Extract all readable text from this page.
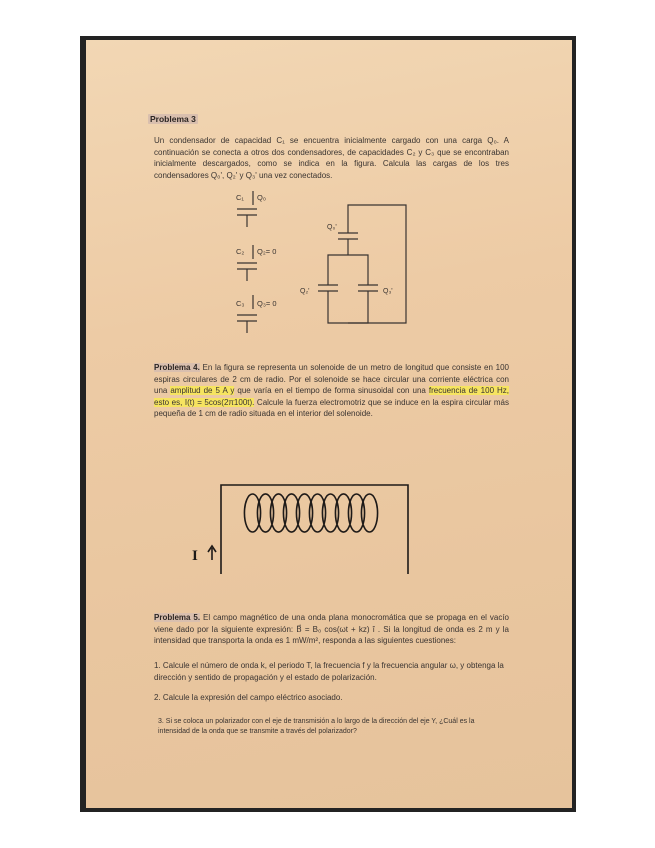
Problema 3

Un condensador de capacidad C₁ se encuentra inicialmente cargado con una carga Q₀. A continuación se conecta a otros dos condensadores, de capacidades C₂ y C₃ que se encontraban inicialmente descargados, como se indica en la figura. Calcula las cargas de los tres condensadores Q₀', Q₂' y Q₃' una vez conectados.

C₁ Q₀
C₂ Q₂= 0
C₃ Q₃= 0
Q₀'
Q₂'	Q₃'

Problema 4. En la figura se representa un solenoide de un metro de longitud que consiste en 100 espiras circulares de 2 cm de radio. Por el solenoide se hace circular una corriente eléctrica con una amplitud de 5 A y que varía en el tiempo de forma sinusoidal con una frecuencia de 100 Hz, esto es, I(t) = 5cos(2π100t). Calcule la fuerza electromotriz que se induce en la espira circular más pequeña de 1 cm de radio situada en el interior del solenoide.

I

Problema 5. El campo magnético de una onda plana monocromática que se propaga en el vacío viene dado por la siguiente expresión: B⃗ = B₀ cos(ωt + kz) î . Si la longitud de onda es 2 m y la intensidad que transporta la onda es 1 mW/m², responda a las siguientes cuestiones:

1. Calcule el número de onda k, el periodo T, la frecuencia f y la frecuencia angular ω, y obtenga la dirección y sentido de propagación y el estado de polarización.

2. Calcule la expresión del campo eléctrico asociado.

3. Si se coloca un polarizador con el eje de transmisión a lo largo de la dirección del eje Y, ¿Cuál es la intensidad de la onda que se transmite a través del polarizador?
